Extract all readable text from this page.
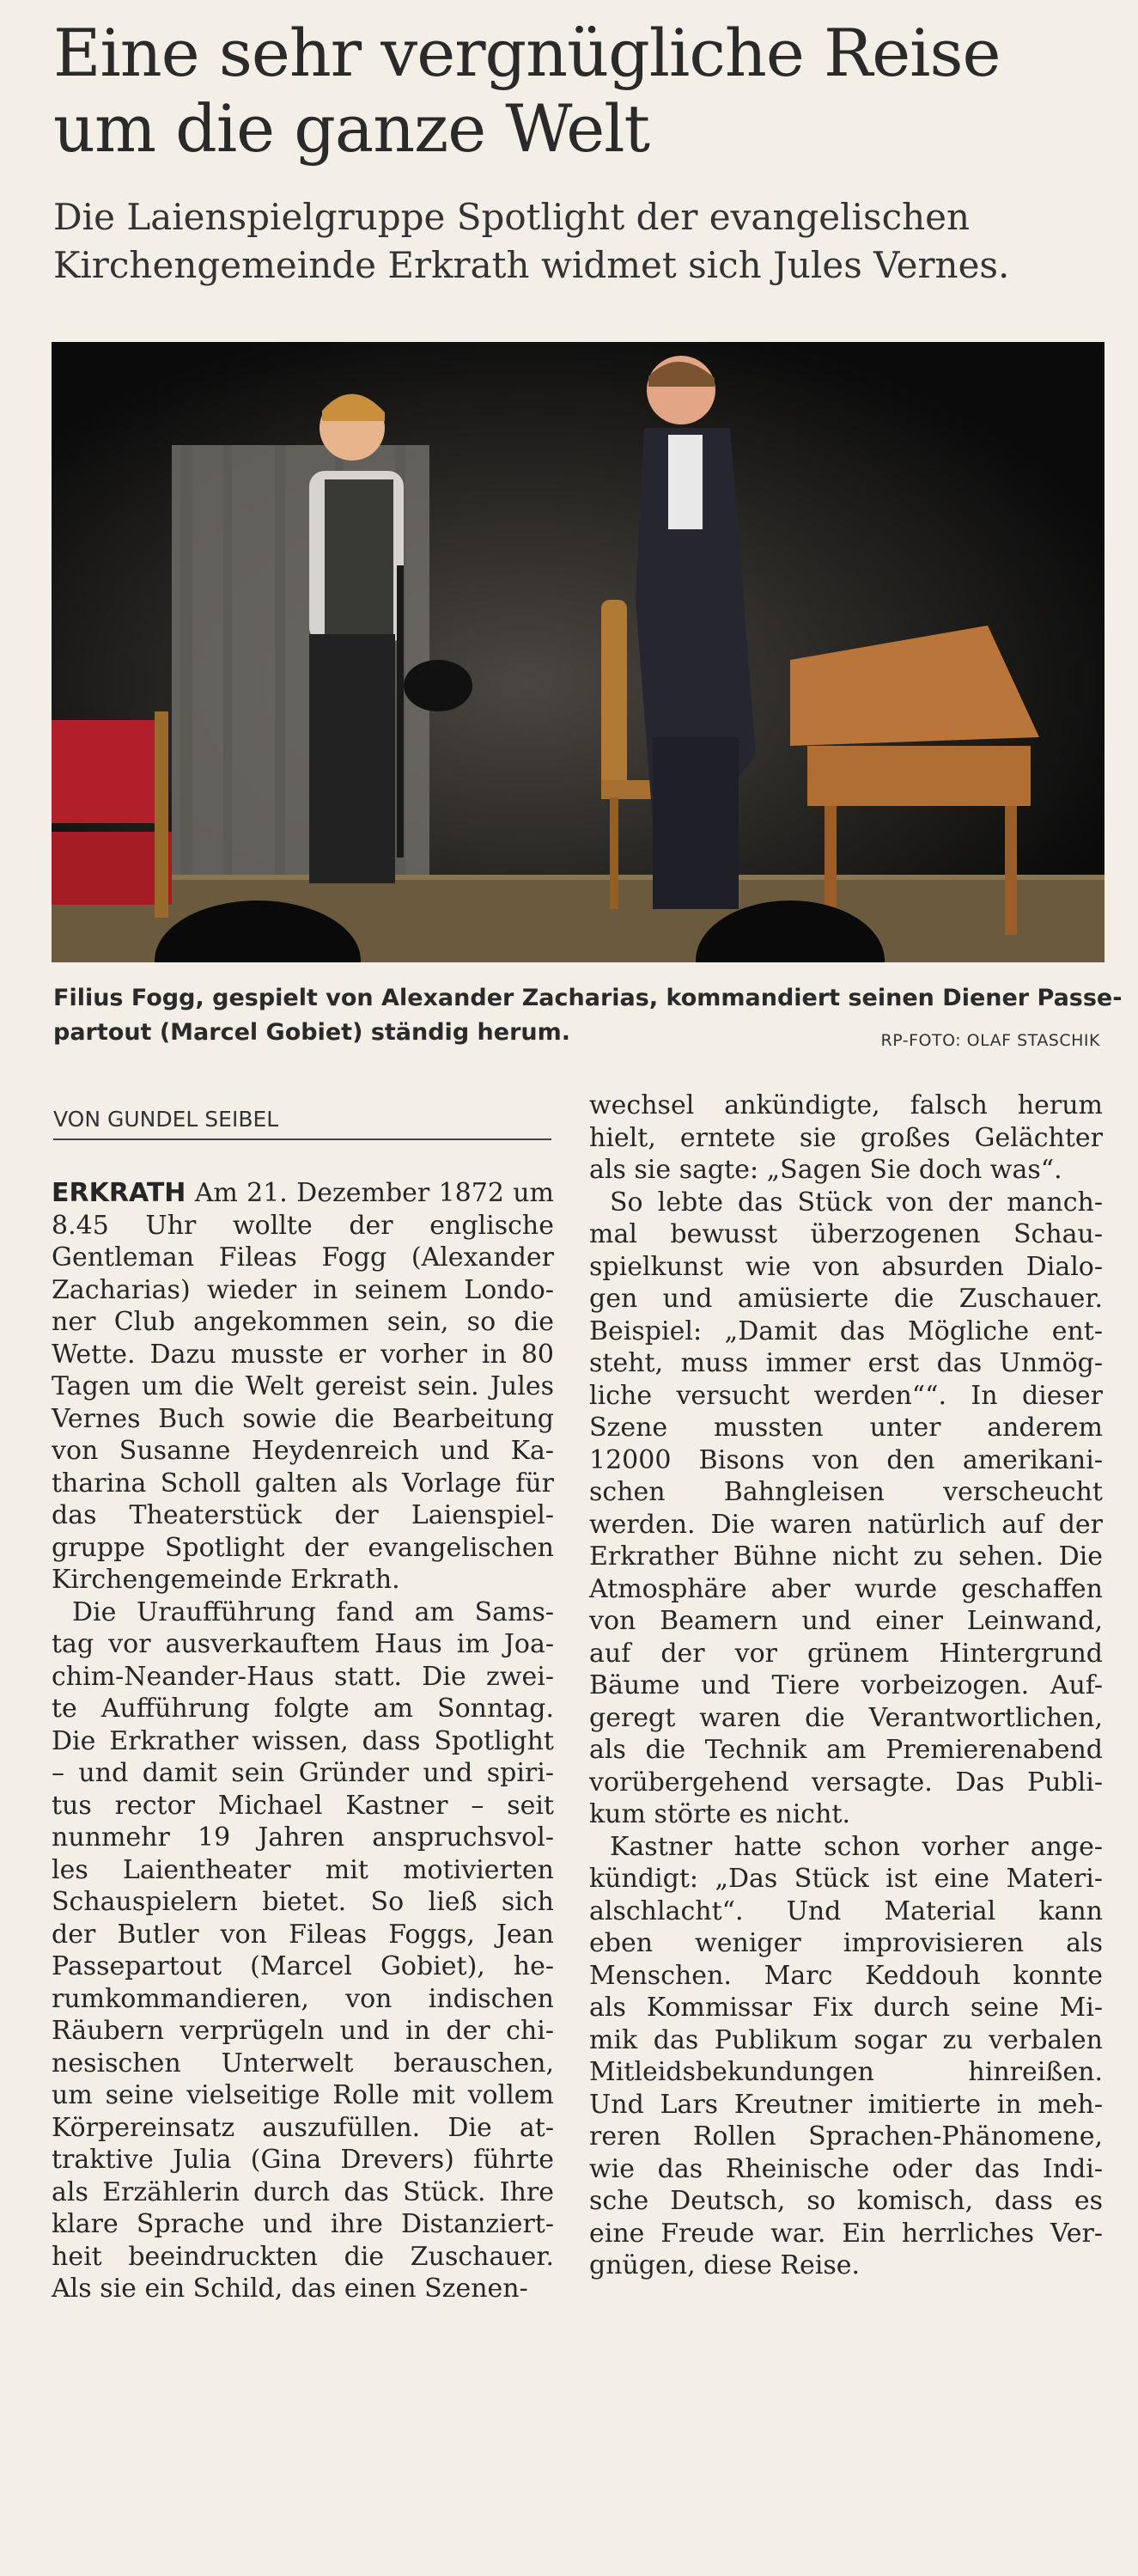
Eine sehr vergnügliche Reise
um die ganze Welt
Die Laienspielgruppe Spotlight der evangelischen
Kirchengemeinde Erkrath widmet sich Jules Vernes.
Filius Fogg, gespielt von Alexander Zacharias, kommandiert seinen Diener Passe-
partout (Marcel Gobiet) ständig herum.	RP-FOTO: OLAF STASCHIK
VON GUNDEL SEIBEL
ERKRATH Am 21. Dezember 1872 um
8.45 Uhr wollte der englische
Gentleman Fileas Fogg (Alexander
Zacharias) wieder in seinem Londo-
ner Club angekommen sein, so die
Wette. Dazu musste er vorher in 80
Tagen um die Welt gereist sein. Jules
Vernes Buch sowie die Bearbeitung
von Susanne Heydenreich und Ka-
tharina Scholl galten als Vorlage für
das Theaterstück der Laienspiel-
gruppe Spotlight der evangelischen
Kirchengemeinde Erkrath.
Die Uraufführung fand am Sams-
tag vor ausverkauftem Haus im Joa-
chim-Neander-Haus statt. Die zwei-
te Aufführung folgte am Sonntag.
Die Erkrather wissen, dass Spotlight
– und damit sein Gründer und spiri-
tus rector Michael Kastner – seit
nunmehr 19 Jahren anspruchsvol-
les Laientheater mit motivierten
Schauspielern bietet. So ließ sich
der Butler von Fileas Foggs, Jean
Passepartout (Marcel Gobiet), he-
rumkommandieren, von indischen
Räubern verprügeln und in der chi-
nesischen Unterwelt berauschen,
um seine vielseitige Rolle mit vollem
Körpereinsatz auszufüllen. Die at-
traktive Julia (Gina Drevers) führte
als Erzählerin durch das Stück. Ihre
klare Sprache und ihre Distanziert-
heit beeindruckten die Zuschauer.
Als sie ein Schild, das einen Szenen-
wechsel ankündigte, falsch herum
hielt, erntete sie großes Gelächter
als sie sagte: „Sagen Sie doch was“.
So lebte das Stück von der manch-
mal bewusst überzogenen Schau-
spielkunst wie von absurden Dialo-
gen und amüsierte die Zuschauer.
Beispiel: „Damit das Mögliche ent-
steht, muss immer erst das Unmög-
liche versucht werden““. In dieser
Szene mussten unter anderem
12000 Bisons von den amerikani-
schen Bahngleisen verscheucht
werden. Die waren natürlich auf der
Erkrather Bühne nicht zu sehen. Die
Atmosphäre aber wurde geschaffen
von Beamern und einer Leinwand,
auf der vor grünem Hintergrund
Bäume und Tiere vorbeizogen. Auf-
geregt waren die Verantwortlichen,
als die Technik am Premierenabend
vorübergehend versagte. Das Publi-
kum störte es nicht.
Kastner hatte schon vorher ange-
kündigt: „Das Stück ist eine Materi-
alschlacht“. Und Material kann
eben weniger improvisieren als
Menschen. Marc Keddouh konnte
als Kommissar Fix durch seine Mi-
mik das Publikum sogar zu verbalen
Mitleidsbekundungen hinreißen.
Und Lars Kreutner imitierte in meh-
reren Rollen Sprachen-Phänomene,
wie das Rheinische oder das Indi-
sche Deutsch, so komisch, dass es
eine Freude war. Ein herrliches Ver-
gnügen, diese Reise.
